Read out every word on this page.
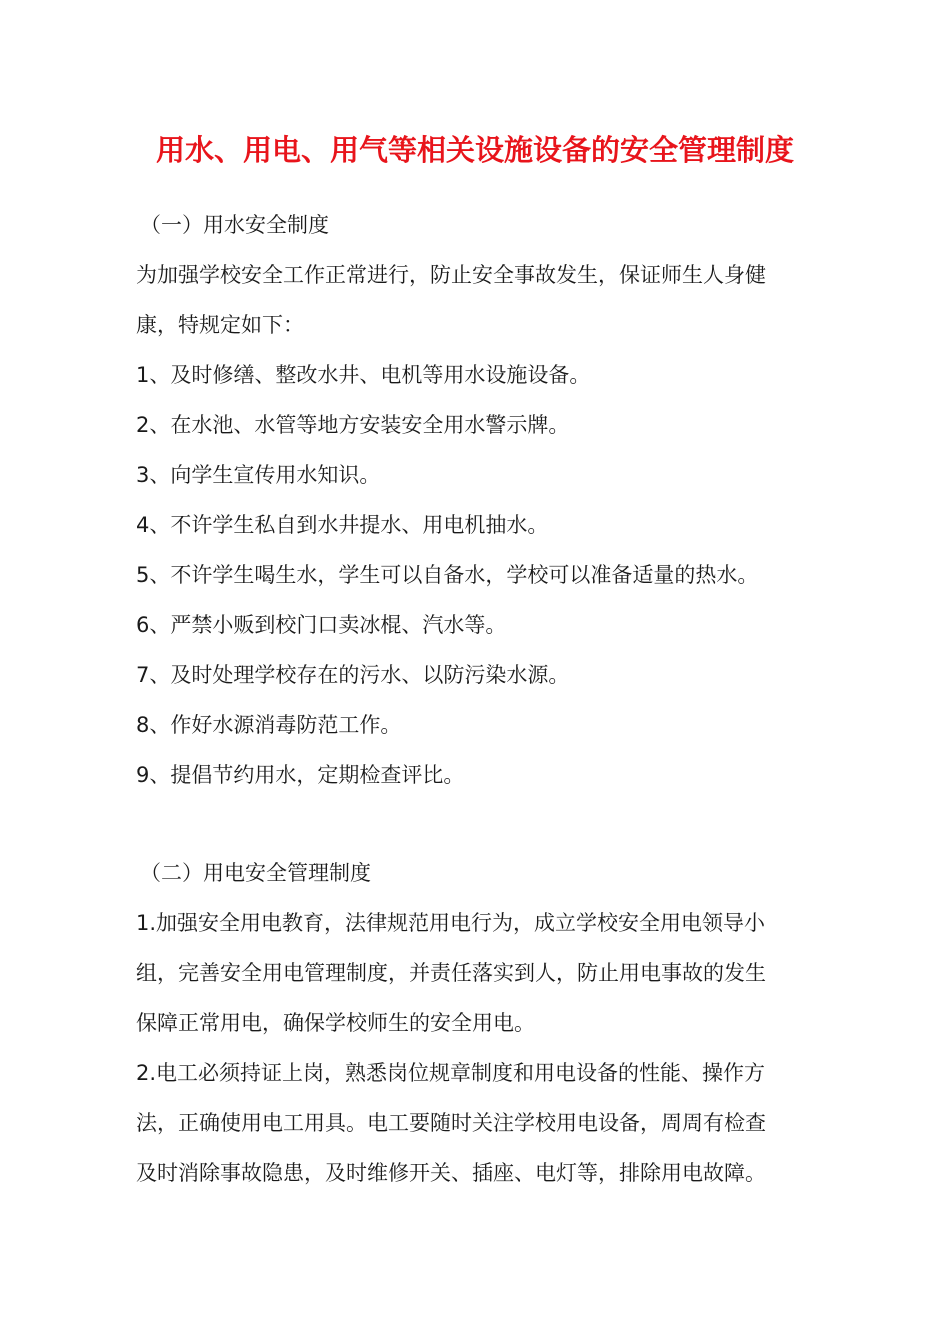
用水、用电、用气等相关设施设备的安全管理制度
（一）用水安全制度
为加强学校安全工作正常进行，防止安全事故发生，保证师生人身健
康，特规定如下：
1、及时修缮、整改水井、电机等用水设施设备。
2、在水池、水管等地方安装安全用水警示牌。
3、向学生宣传用水知识。
4、不许学生私自到水井提水、用电机抽水。
5、不许学生喝生水，学生可以自备水，学校可以准备适量的热水。
6、严禁小贩到校门口卖冰棍、汽水等。
7、及时处理学校存在的污水、以防污染水源。
8、作好水源消毒防范工作。
9、提倡节约用水，定期检查评比。
（二）用电安全管理制度
1.加强安全用电教育，法律规范用电行为，成立学校安全用电领导小
组，完善安全用电管理制度，并责任落实到人，防止用电事故的发生
保障正常用电，确保学校师生的安全用电。
2.电工必须持证上岗，熟悉岗位规章制度和用电设备的性能、操作方
法，正确使用电工用具。电工要随时关注学校用电设备，周周有检查
及时消除事故隐患，及时维修开关、插座、电灯等，排除用电故障。
